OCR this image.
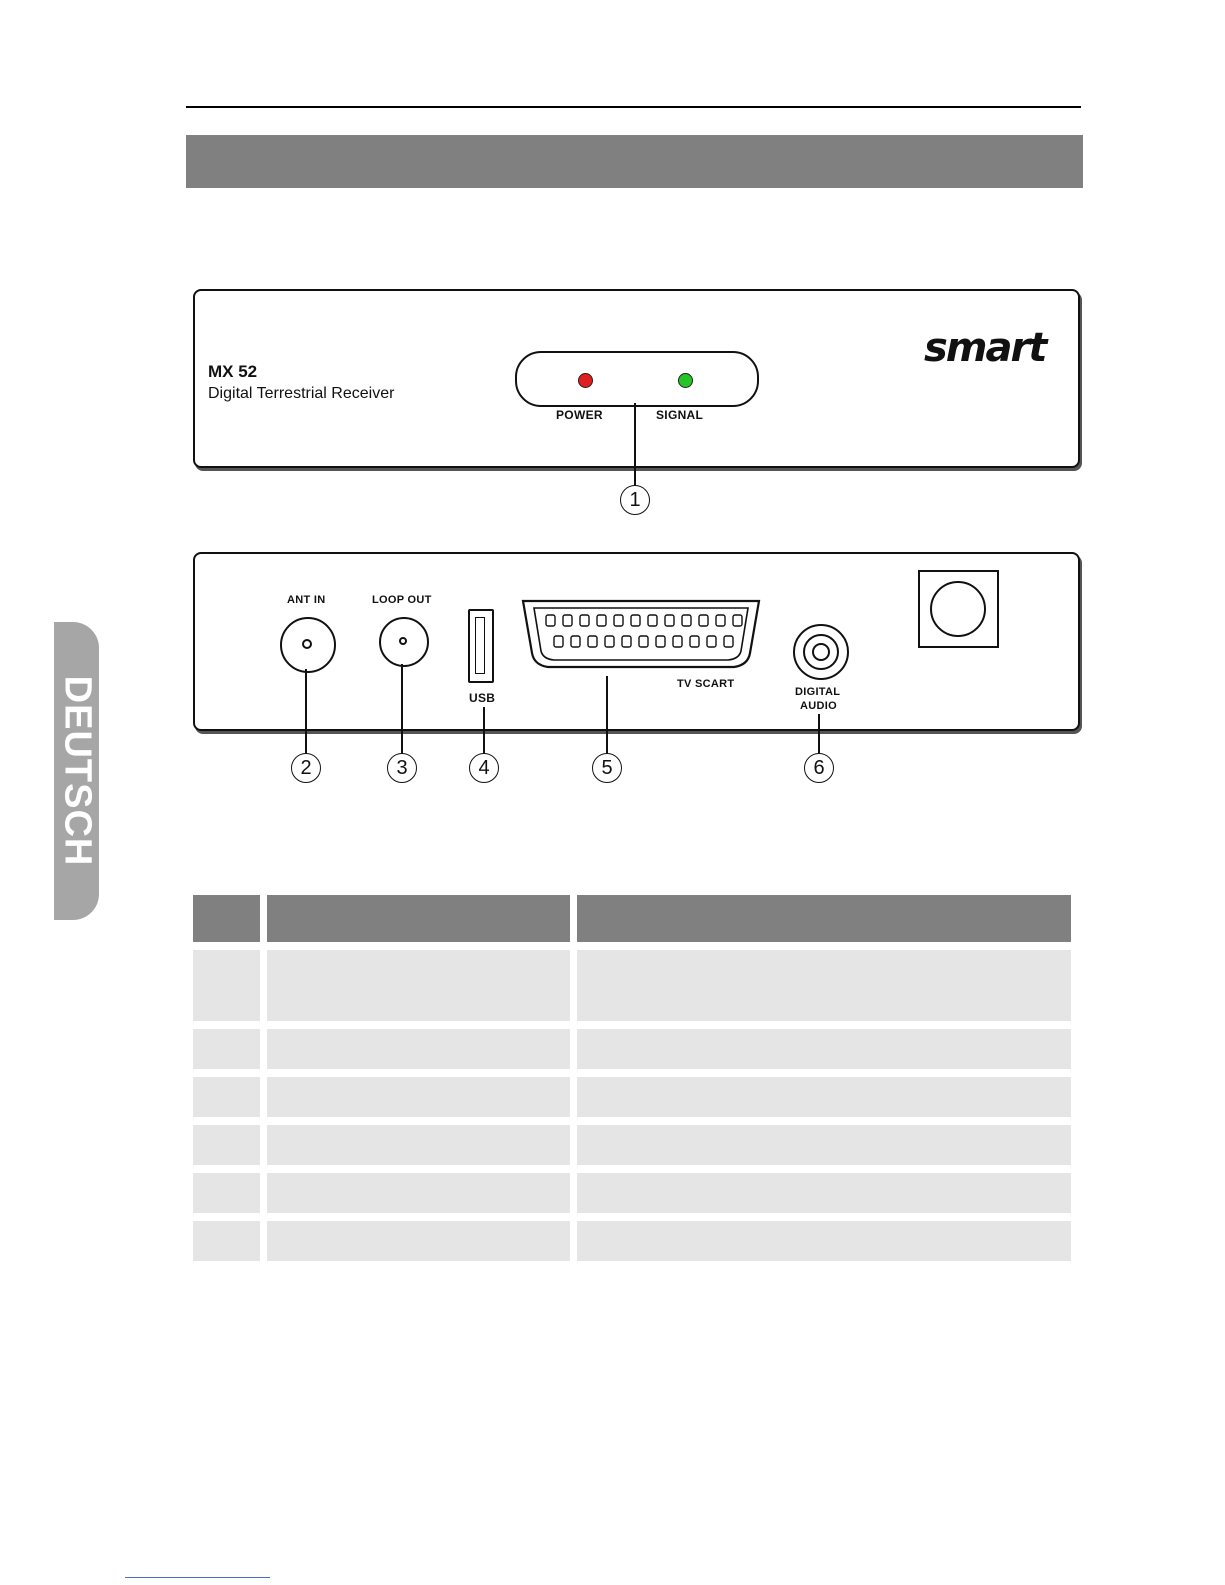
DEUTSCH
MX 52
Digital Terrestrial Receiver
POWER	SIGNAL
smart
1
ANT IN	LOOP OUT
USB
TV SCART
DIGITAL
AUDIO
2	3	4	5	6
